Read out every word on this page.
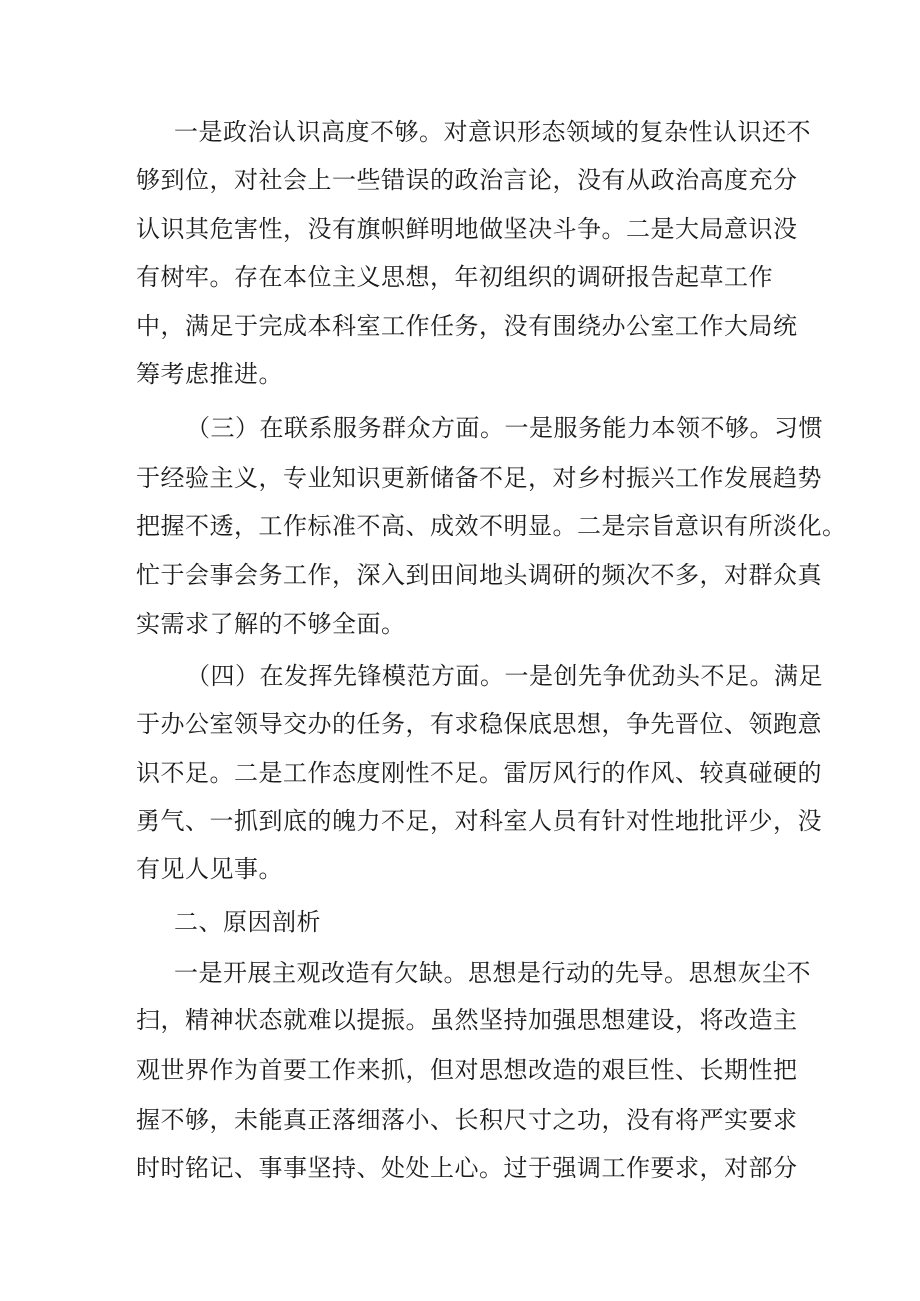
一是政治认识高度不够。对意识形态领域的复杂性认识还不

够到位，对社会上一些错误的政治言论，没有从政治高度充分

认识其危害性，没有旗帜鲜明地做坚决斗争。二是大局意识没

有树牢。存在本位主义思想，年初组织的调研报告起草工作

中，满足于完成本科室工作任务，没有围绕办公室工作大局统

筹考虑推进。

（三）在联系服务群众方面。一是服务能力本领不够。习惯

于经验主义，专业知识更新储备不足，对乡村振兴工作发展趋势

把握不透，工作标准不高、成效不明显。二是宗旨意识有所淡化。

忙于会事会务工作，深入到田间地头调研的频次不多，对群众真

实需求了解的不够全面。

（四）在发挥先锋模范方面。一是创先争优劲头不足。满足

于办公室领导交办的任务，有求稳保底思想，争先晋位、领跑意

识不足。二是工作态度刚性不足。雷厉风行的作风、较真碰硬的

勇气、一抓到底的魄力不足，对科室人员有针对性地批评少，没

有见人见事。

二、原因剖析

一是开展主观改造有欠缺。思想是行动的先导。思想灰尘不

扫，精神状态就难以提振。虽然坚持加强思想建设，将改造主

观世界作为首要工作来抓，但对思想改造的艰巨性、长期性把

握不够，未能真正落细落小、长积尺寸之功，没有将严实要求

时时铭记、事事坚持、处处上心。过于强调工作要求，对部分
